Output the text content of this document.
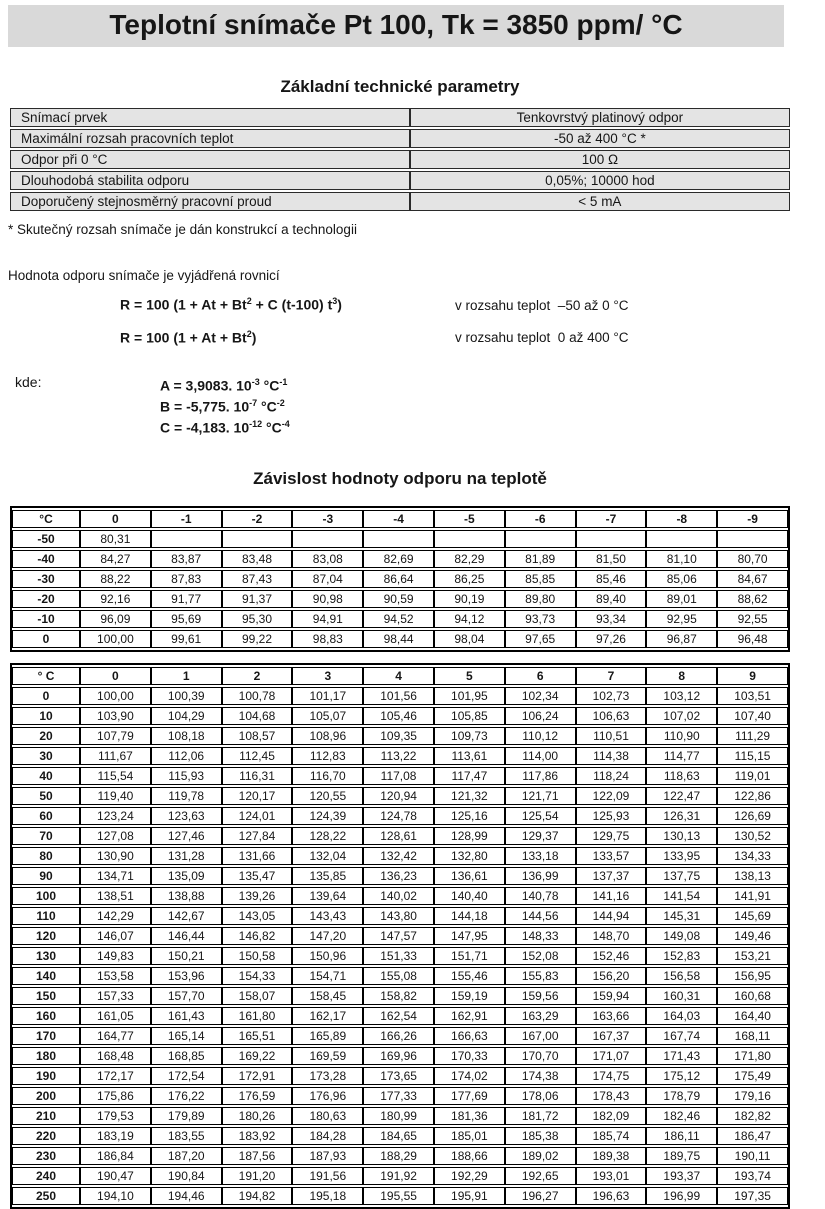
Teplotní snímače Pt 100, Tk = 3850 ppm/ °C
Základní technické parametry
Snímací prvek	Tenkovrstvý platinový odpor
Maximální rozsah pracovních teplot	-50 až 400 °C *
Odpor při 0 °C	100 Ω
Dlouhodobá stabilita odporu	0,05%; 10000 hod
Doporučený stejnosměrný pracovní proud	< 5 mA
* Skutečný rozsah snímače je dán konstrukcí a technologii
Hodnota odporu snímače je vyjádřená rovnicí
R = 100 ($1 + At + Bt^2 + C$ (t-100) $t^3$)	v rozsahu teplot  –50 až 0 °C
R = 100 $(1 + At + Bt^2)$	v rozsahu teplot  0 až 400 °C
kde:	A = 3,9083. $10^{-3}$ $^\circ C^{-1}$
B = -5,775. $10^{-7}$ $^\circ C^{-2}$
C = -4,183. $10^{-12}$ $^\circ C^{-4}$
Závislost hodnoty odporu na teplotě
°C	0	-1	-2	-3	-4	-5	-6	-7	-8	-9
-50	80,31									
-40	84,27	83,87	83,48	83,08	82,69	82,29	81,89	81,50	81,10	80,70
-30	88,22	87,83	87,43	87,04	86,64	86,25	85,85	85,46	85,06	84,67
-20	92,16	91,77	91,37	90,98	90,59	90,19	89,80	89,40	89,01	88,62
-10	96,09	95,69	95,30	94,91	94,52	94,12	93,73	93,34	92,95	92,55
0	100,00	99,61	99,22	98,83	98,44	98,04	97,65	97,26	96,87	96,48
° C	0	1	2	3	4	5	6	7	8	9
0	100,00	100,39	100,78	101,17	101,56	101,95	102,34	102,73	103,12	103,51
10	103,90	104,29	104,68	105,07	105,46	105,85	106,24	106,63	107,02	107,40
20	107,79	108,18	108,57	108,96	109,35	109,73	110,12	110,51	110,90	111,29
30	111,67	112,06	112,45	112,83	113,22	113,61	114,00	114,38	114,77	115,15
40	115,54	115,93	116,31	116,70	117,08	117,47	117,86	118,24	118,63	119,01
50	119,40	119,78	120,17	120,55	120,94	121,32	121,71	122,09	122,47	122,86
60	123,24	123,63	124,01	124,39	124,78	125,16	125,54	125,93	126,31	126,69
70	127,08	127,46	127,84	128,22	128,61	128,99	129,37	129,75	130,13	130,52
80	130,90	131,28	131,66	132,04	132,42	132,80	133,18	133,57	133,95	134,33
90	134,71	135,09	135,47	135,85	136,23	136,61	136,99	137,37	137,75	138,13
100	138,51	138,88	139,26	139,64	140,02	140,40	140,78	141,16	141,54	141,91
110	142,29	142,67	143,05	143,43	143,80	144,18	144,56	144,94	145,31	145,69
120	146,07	146,44	146,82	147,20	147,57	147,95	148,33	148,70	149,08	149,46
130	149,83	150,21	150,58	150,96	151,33	151,71	152,08	152,46	152,83	153,21
140	153,58	153,96	154,33	154,71	155,08	155,46	155,83	156,20	156,58	156,95
150	157,33	157,70	158,07	158,45	158,82	159,19	159,56	159,94	160,31	160,68
160	161,05	161,43	161,80	162,17	162,54	162,91	163,29	163,66	164,03	164,40
170	164,77	165,14	165,51	165,89	166,26	166,63	167,00	167,37	167,74	168,11
180	168,48	168,85	169,22	169,59	169,96	170,33	170,70	171,07	171,43	171,80
190	172,17	172,54	172,91	173,28	173,65	174,02	174,38	174,75	175,12	175,49
200	175,86	176,22	176,59	176,96	177,33	177,69	178,06	178,43	178,79	179,16
210	179,53	179,89	180,26	180,63	180,99	181,36	181,72	182,09	182,46	182,82
220	183,19	183,55	183,92	184,28	184,65	185,01	185,38	185,74	186,11	186,47
230	186,84	187,20	187,56	187,93	188,29	188,66	189,02	189,38	189,75	190,11
240	190,47	190,84	191,20	191,56	191,92	192,29	192,65	193,01	193,37	193,74
250	194,10	194,46	194,82	195,18	195,55	195,91	196,27	196,63	196,99	197,35
